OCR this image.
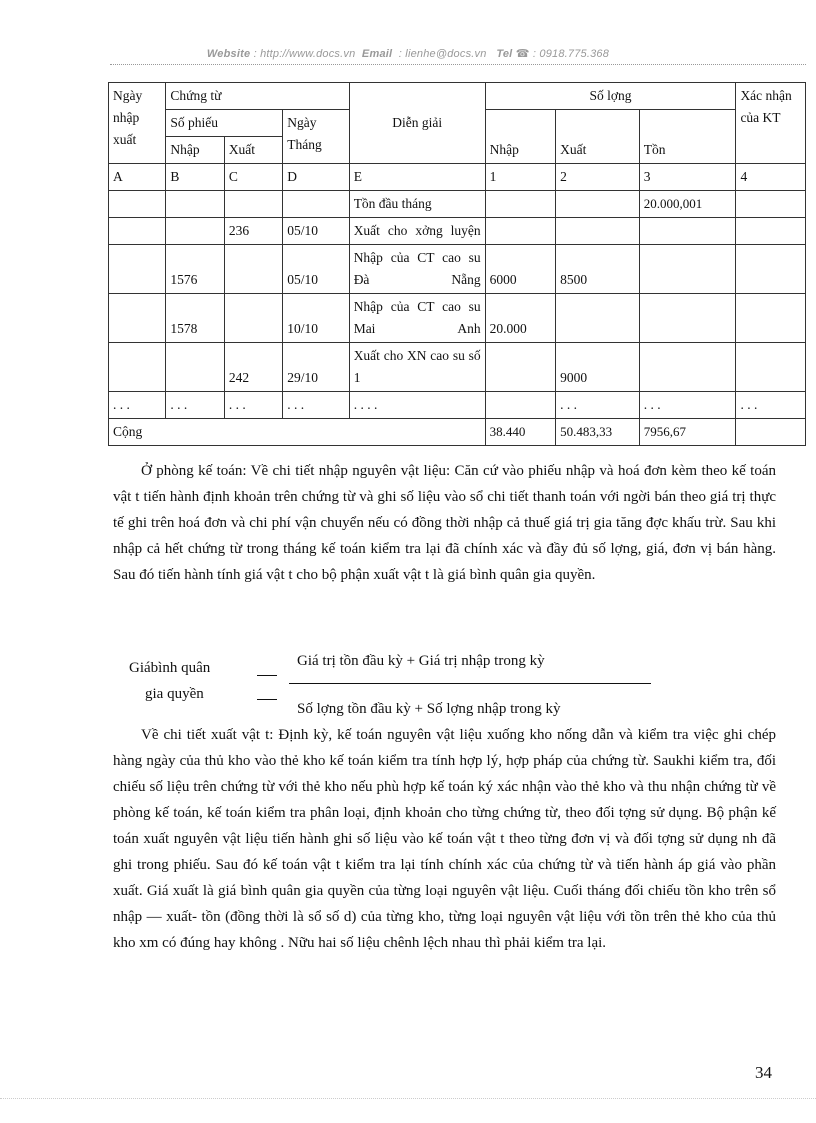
Website : http://www.docs.vn Email : lienhe@docs.vn Tel ☎ : 0918.775.368
Ngày nhập xuất	Chứng từ			Diễn giải	Số lợng			Xác nhận của KT
	Số phiếu		Ngày Tháng		Nhập	Xuất	Tồn	
	Nhập	Xuất						
A	B	C	D	E	1	2	3	4
				Tồn đầu tháng			20.000,001	
		236	05/10	Xuất cho xởng luyện				
	1576		05/10	Nhập của CT cao su Đà Nẵng	6000	8500		
	1578		10/10	Nhập của CT cao su Mai Anh	20.000			
		242	29/10	Xuất cho XN cao su số 1		9000		
. . .	. . .	. . .	. . .	. . . .		. . .	. . .	. . .
Cộng					38.440	50.483,33	7956,67	

Ở phòng kế toán: Về chi tiết nhập nguyên vật liệu: Căn cứ vào phiếu nhập và hoá đơn kèm theo kế toán vật t tiến hành định khoản trên chứng từ và ghi số liệu vào sổ chi tiết thanh toán với ngời bán theo giá trị thực tế ghi trên hoá đơn và chi phí vận chuyển nếu có đồng thời nhập cả thuế giá trị gia tăng đợc khấu trừ. Sau khi nhập cả hết chứng từ trong tháng kế toán kiểm tra lại đã chính xác và đầy đủ số lợng, giá, đơn vị bán hàng. Sau đó tiến hành tính giá vật t cho bộ phận xuất vật t là giá bình quân gia quyền.

Giábình quân
gia quyền
Giá trị tồn đầu kỳ + Giá trị nhập trong kỳ
Số lợng tồn đầu kỳ + Số lợng nhập trong kỳ

Về chi tiết xuất vật t: Định kỳ, kế toán nguyên vật liệu xuống kho nống dẫn và kiểm tra việc ghi chép hàng ngày của thủ kho vào thẻ kho kế toán kiểm tra tính hợp lý, hợp pháp của chứng từ. Saukhi kiểm tra, đối chiếu số liệu trên chứng từ với thẻ kho nếu phù hợp kế toán ký xác nhận vào thẻ kho và thu nhận chứng từ về phòng kế toán, kế toán kiểm tra phân loại, định khoản cho từng chứng từ, theo đối tợng sử dụng. Bộ phận kế toán xuất nguyên vật liệu tiến hành ghi số liệu vào kế toán vật t theo từng đơn vị và đối tợng sử dụng nh đã ghi trong phiếu. Sau đó kế toán vật t kiểm tra lại tính chính xác của chứng từ và tiến hành áp giá vào phần xuất. Giá xuất là giá bình quân gia quyền của từng loại nguyên vật liệu. Cuối tháng đối chiếu tồn kho trên sổ nhập — xuất- tồn (đồng thời là sổ số d) của từng kho, từng loại nguyên vật liệu với tồn trên thẻ kho của thủ kho xm có đúng hay không . Nữu hai số liệu chênh lệch nhau thì phải kiểm tra lại.

34
